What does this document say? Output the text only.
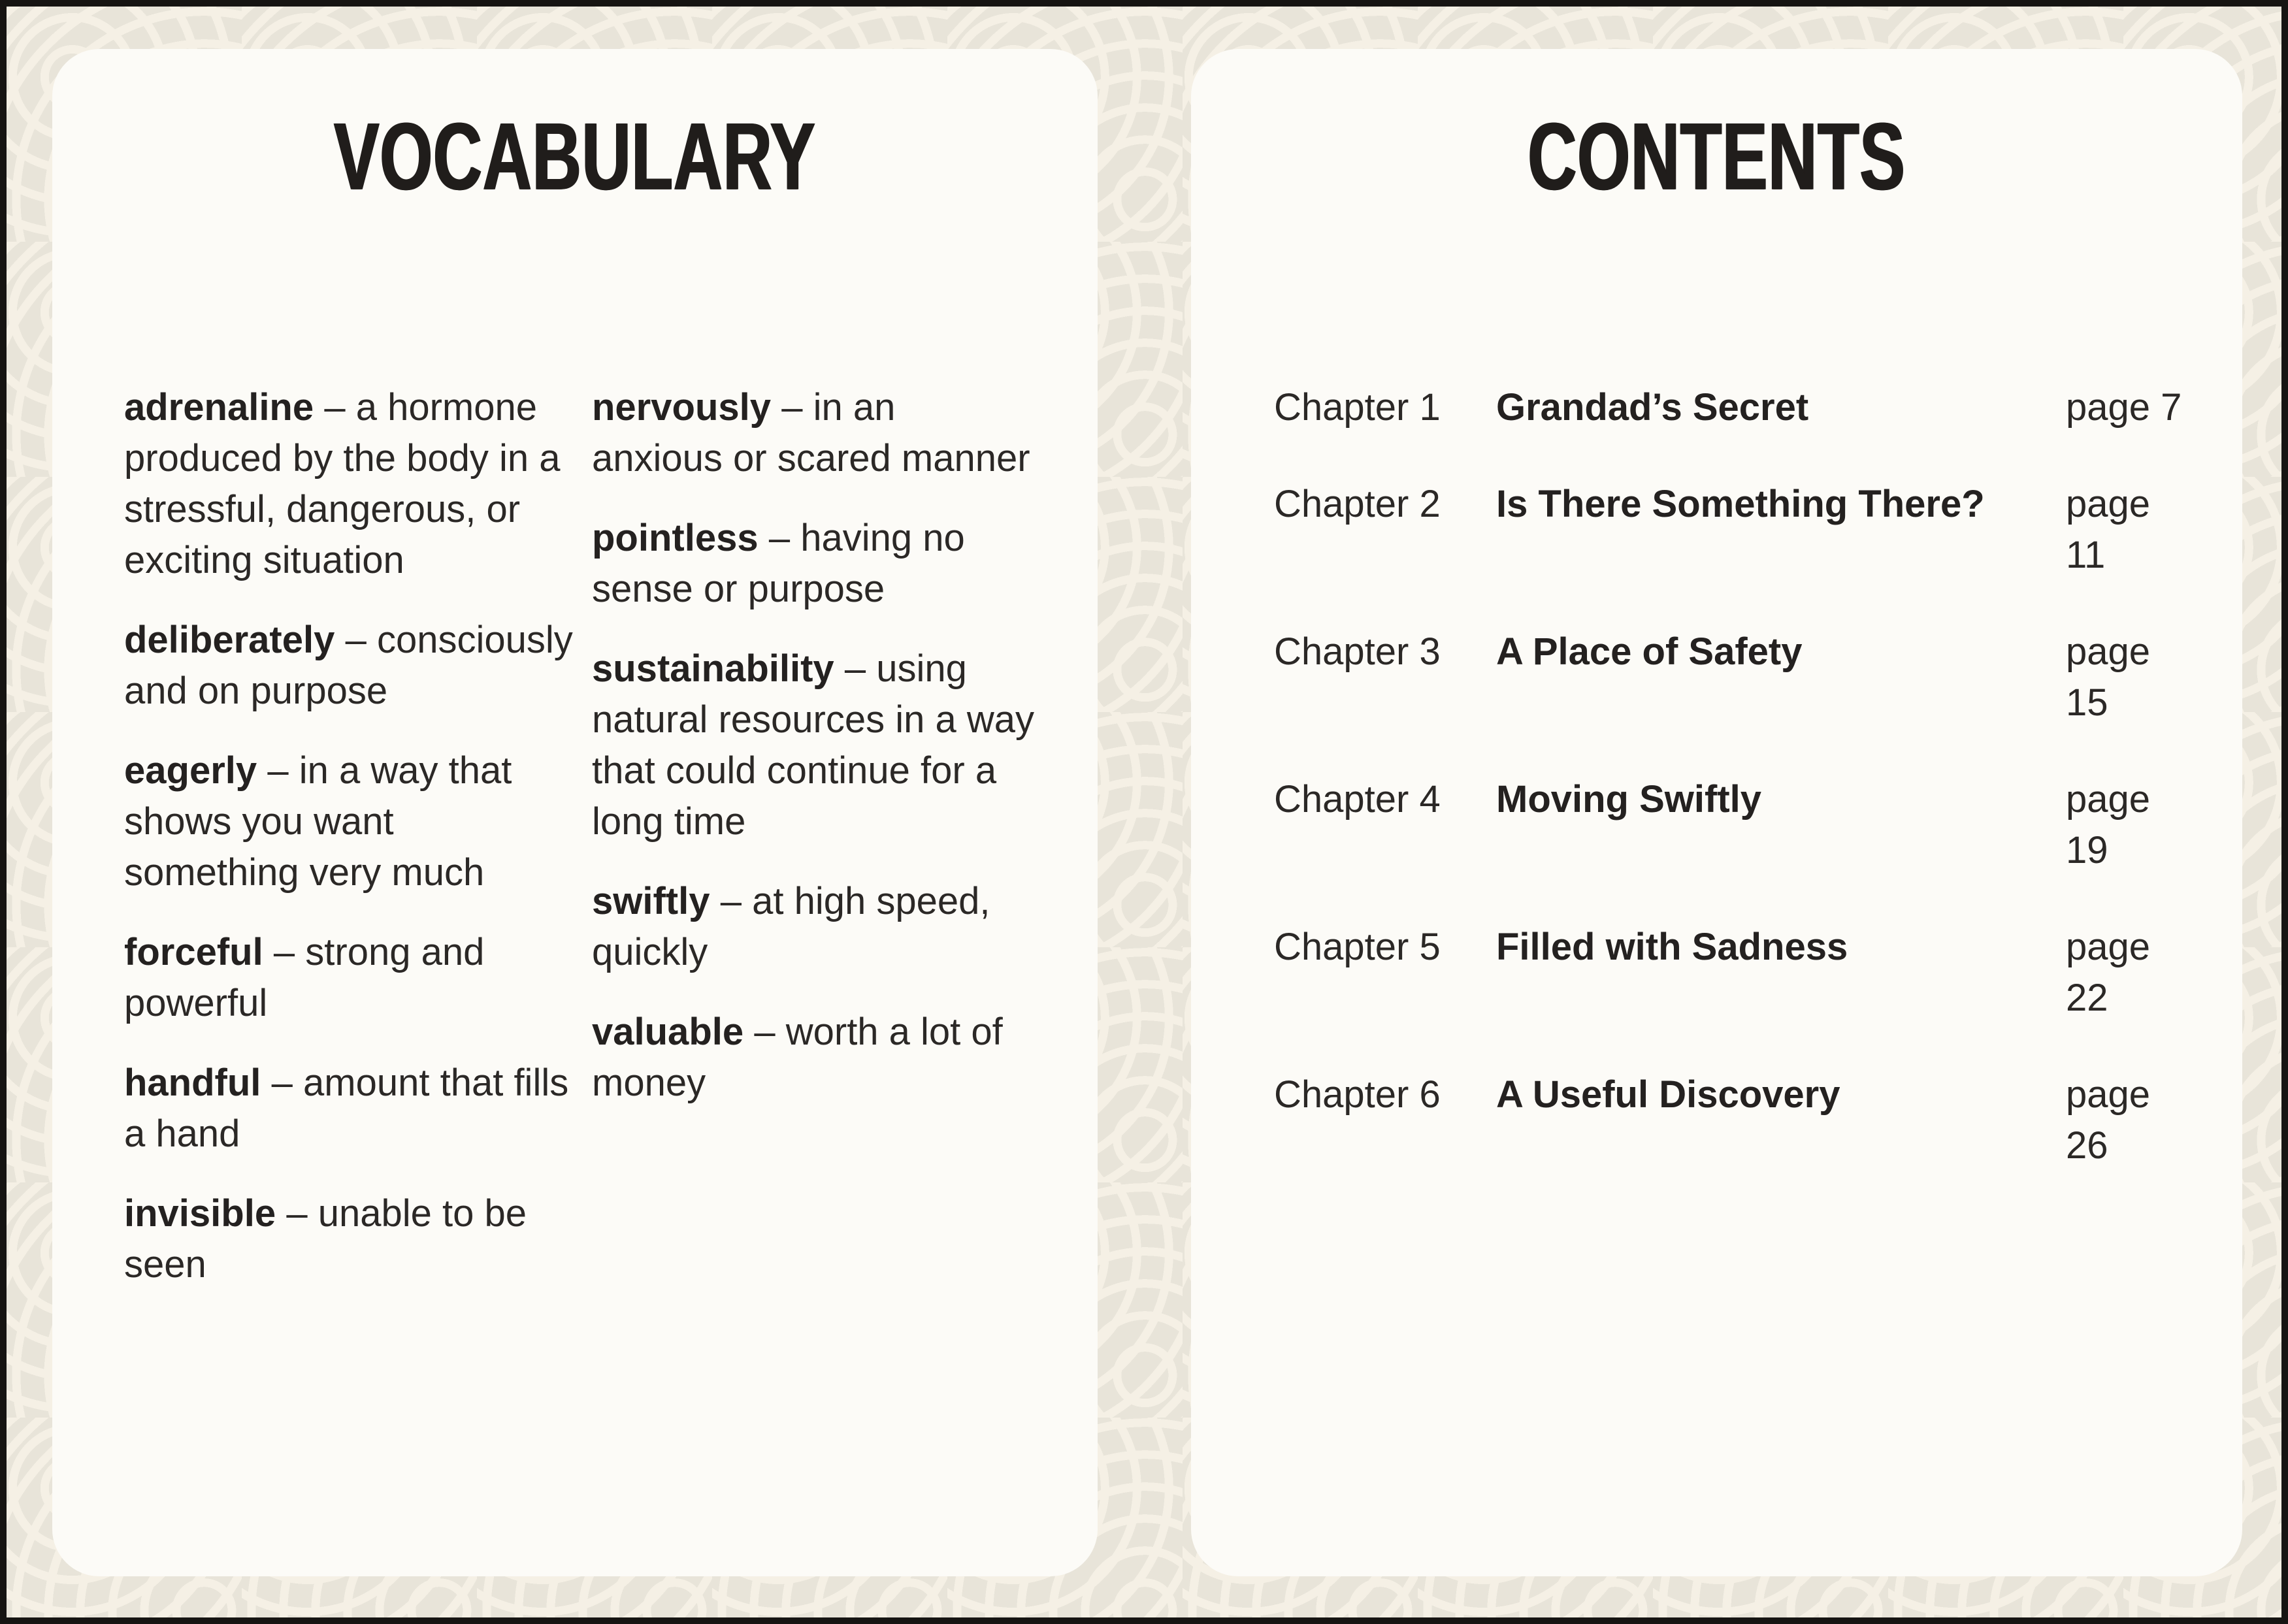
VOCABULARY

adrenaline – a hormone produced by the body in a stressful, dangerous, or exciting situation

deliberately – consciously and on purpose

eagerly – in a way that shows you want something very much

forceful – strong and powerful

handful – amount that fills a hand

invisible – unable to be seen

nervously – in an anxious or scared manner

pointless – having no sense or purpose

sustainability – using natural resources in a way that could continue for a long time

swiftly – at high speed, quickly

valuable – worth a lot of money

CONTENTS
Chapter 1	Grandad’s Secret	page 7
Chapter 2	Is There Something There?	page 11
Chapter 3	A Place of Safety	page 15
Chapter 4	Moving Swiftly	page 19
Chapter 5	Filled with Sadness	page 22
Chapter 6	A Useful Discovery	page 26
